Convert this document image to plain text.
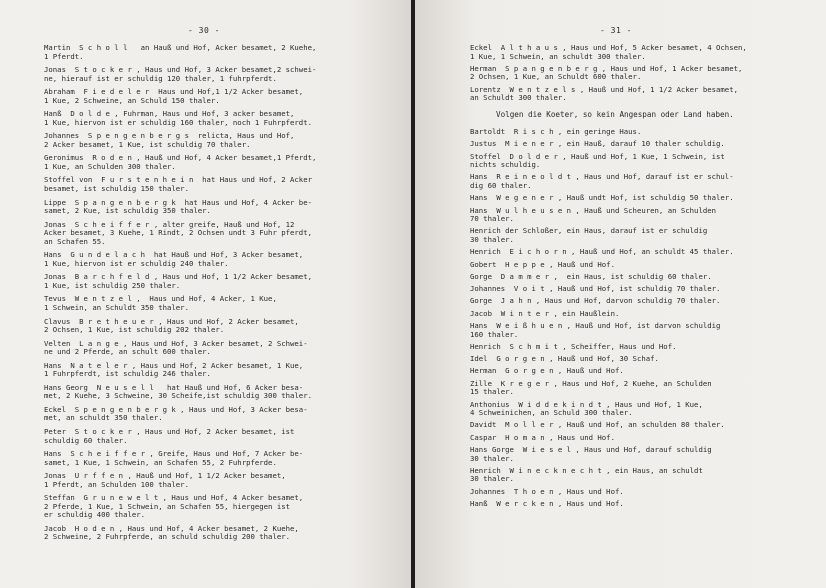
- 30 -
Martin  S c h o l l   an Hauß und Hof, Acker besamet, 2 Kuehe,
1 Pferdt.
Jonas  S t o c k e r , Haus und Hof, 3 Acker besamet,2 schwei-
ne, hierauf ist er schuldig 120 thaler, 1 fuhrpferdt.
Abraham  F i e d e l e r  Haus und Hof,1 1/2 Acker besamet,
1 Kue, 2 Schweine, an Schuld 150 thaler.
Hanß  D o l d e , Fuhrman, Haus und Hof, 3 acker besamet,
1 Kue, hiervon ist er schuldig 160 thaler, noch 1 Fuhrpferdt.
Johannes  S p e n g e n b e r g s  relicta, Haus und Hof,
2 Acker besamet, 1 Kue, ist schuldig 70 thaler.
Geronimus  R o d e n , Hauß und Hof, 4 Acker besamet,1 Pferdt,
1 Kue, an Schulden 300 thaler.
Stoffel von  F u r s t e n h e i n  hat Haus und Hof, 2 Acker
besamet, ist schuldig 150 thaler.
Lippe  S p a n g e n b e r g k  hat Haus und Hof, 4 Acker be-
samet, 2 Kue, ist schuldig 350 thaler.
Jonas  S c h e i f f e r , alter greife, Hauß und Hof, 12
Acker besamet, 3 Kuehe, 1 Rindt, 2 Ochsen undt 3 Fuhr pferdt,
an Schafen 55.
Hans  G u n d e l a c h  hat Hauß und Hof, 3 Acker besamet,
1 Kue, hiervon ist er schuldig 240 thaler.
Jonas  B a r c h f e l d , Haus und Hof, 1 1/2 Acker besamet,
1 Kue, ist schuldig 250 thaler.
Tevus  W e n t z e l ,  Haus und Hof, 4 Acker, 1 Kue,
1 Schwein, an Schuldt 350 thaler.
Clavus  B r e t h e u e r , Haus und Hof, 2 Acker besamet,
2 Ochsen, 1 Kue, ist schuldig 202 thaler.
Velten  L a n g e , Haus und Hof, 3 Acker besamet, 2 Schwei-
ne und 2 Pferde, an schult 600 thaler.
Hans  N a t e l e r , Haus und Hof, 2 Acker besamet, 1 Kue,
1 Fuhrpferdt, ist schuldig 246 thaler.
Hans Georg  N e u s e l l   hat Hauß und Hof, 6 Acker besa-
met, 2 Kuehe, 3 Schweine, 30 Scheife,ist schuldig 300 thaler.
Eckel  S p e n g e n b e r g k , Haus und Hof, 3 Acker besa-
met, an schuldt 350 thaler.
Peter  S t o c k e r , Haus und Hof, 2 Acker besamet, ist
schuldig 60 thaler.
Hans  S c h e i f f e r , Greife, Haus und Hof, 7 Acker be-
samet, 1 Kue, 1 Schwein, an Schafen 55, 2 Fuhrpferde.
Jonas  U r f f e n , Hauß und Hof, 1 1/2 Acker besamet,
1 Pferdt, an Schulden 100 thaler.
Steffan  G r u n e w e l t , Haus und Hof, 4 Acker besamet,
2 Pferde, 1 Kue, 1 Schwein, an Schafen 55, hiergegen ist
er schuldig 400 thaler.
Jacob  H o d e n , Haus und Hof, 4 Acker besamet, 2 Kuehe,
2 Schweine, 2 Fuhrpferde, an schuld schuldig 200 thaler.
- 31 -
Eckel  A l t h a u s , Haus und Hof, 5 Acker besamet, 4 Ochsen,
1 Kue, 1 Schwein, an schuldt 300 thaler.
Herman  S p a n g e n b e r g , Haus und Hof, 1 Acker besamet,
2 Ochsen, 1 Kue, an Schuldt 600 thaler.
Lorentz  W e n t z e l s , Hauß und Hof, 1 1/2 Acker besamet,
an Schuldt 300 thaler.
Volgen die Koeter, so kein Angespan oder Land haben.
Bartoldt  R i s c h , ein geringe Haus.
Justus  M i e n e r , ein Hauß, darauf 10 thaler schuldig.
Stoffel  D o l d e r , Hauß und Hof, 1 Kue, 1 Schwein, ist
nichts schuldig.
Hans  R e i n e o l d t , Haus und Hof, darauf ist er schul-
dig 60 thaler.
Hans  W e g e n e r , Hauß undt Hof, ist schuldig 50 thaler.
Hans  W u l h e u s e n , Hauß und Scheuren, an Schulden
70 thaler.
Henrich der Schloßer, ein Haus, darauf ist er schuldig
30 thaler.
Henrich  E i c h o r n , Hauß und Hof, an schuldt 45 thaler.
Gobert  H e p p e , Hauß und Hof.
Gorge  D a m m e r ,  ein Haus, ist schuldig 60 thaler.
Johannes  V o i t , Hauß und Hof, ist schuldig 70 thaler.
Gorge  J a h n , Haus und Hof, darvon schuldig 70 thaler.
Jacob  W i n t e r , ein Haußlein.
Hans  W e i ß h u e n , Hauß und Hof, ist darvon schuldig
160 thaler.
Henrich  S c h m i t , Scheiffer, Haus und Hof.
Idel  G o r g e n , Hauß und Hof, 30 Schaf.
Herman  G o r g e n , Hauß und Hof.
Zille  K r e g e r , Haus und Hof, 2 Kuehe, an Schulden
15 thaler.
Anthonius  W i d d e k i n d t , Haus und Hof, 1 Kue,
4 Schweinichen, an Schuld 300 thaler.
Davidt  M o l l e r , Hauß und Hof, an schulden 80 thaler.
Caspar  H o m a n , Haus und Hof.
Hans Gorge  W i e s e l , Haus und Hof, darauf schuldig
30 thaler.
Henrich  W i n e c k n e c h t , ein Haus, an schuldt
30 thaler.
Johannes  T h o e n , Haus und Hof.
Hanß  W e r c k e n , Haus und Hof.
